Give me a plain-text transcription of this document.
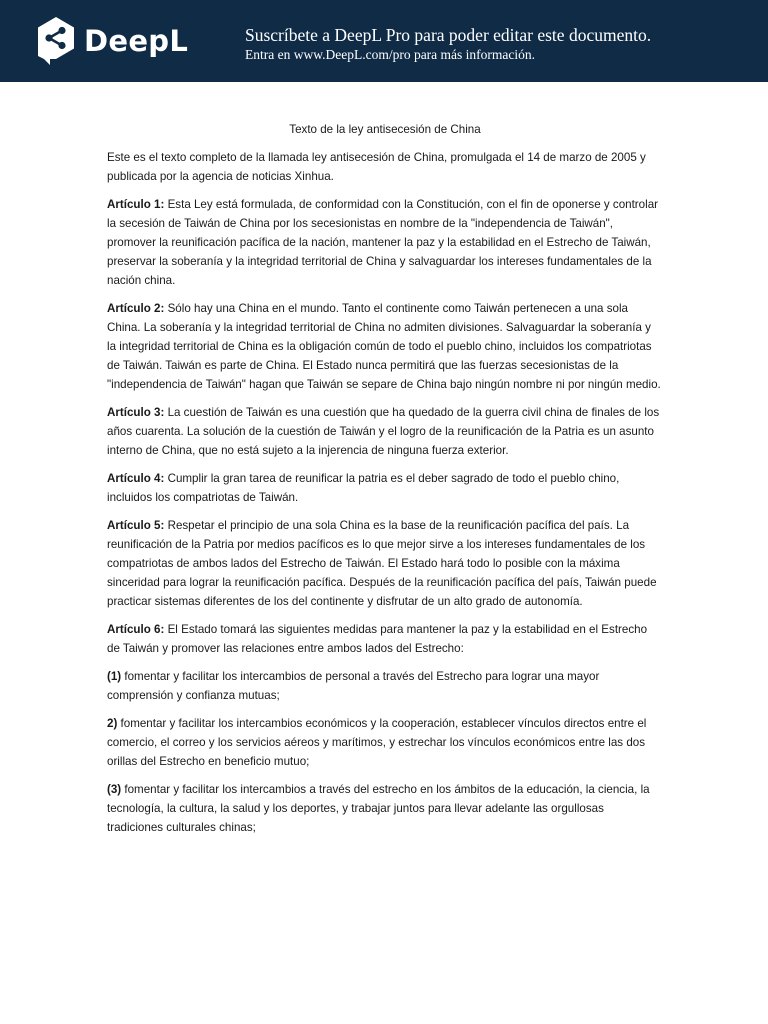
DeepL	Suscríbete a DeepL Pro para poder editar este documento.
Entra en www.DeepL.com/pro para más información.

Texto de la ley antisecesión de China

Este es el texto completo de la llamada ley antisecesión de China, promulgada el 14 de marzo de 2005 y publicada por la agencia de noticias Xinhua.

Artículo 1: Esta Ley está formulada, de conformidad con la Constitución, con el fin de oponerse y controlar la secesión de Taiwán de China por los secesionistas en nombre de la "independencia de Taiwán", promover la reunificación pacífica de la nación, mantener la paz y la estabilidad en el Estrecho de Taiwán, preservar la soberanía y la integridad territorial de China y salvaguardar los intereses fundamentales de la nación china.

Artículo 2: Sólo hay una China en el mundo. Tanto el continente como Taiwán pertenecen a una sola China. La soberanía y la integridad territorial de China no admiten divisiones. Salvaguardar la soberanía y la integridad territorial de China es la obligación común de todo el pueblo chino, incluidos los compatriotas de Taiwán. Taiwán es parte de China. El Estado nunca permitirá que las fuerzas secesionistas de la "independencia de Taiwán" hagan que Taiwán se separe de China bajo ningún nombre ni por ningún medio.

Artículo 3: La cuestión de Taiwán es una cuestión que ha quedado de la guerra civil china de finales de los años cuarenta. La solución de la cuestión de Taiwán y el logro de la reunificación de la Patria es un asunto interno de China, que no está sujeto a la injerencia de ninguna fuerza exterior.

Artículo 4: Cumplir la gran tarea de reunificar la patria es el deber sagrado de todo el pueblo chino, incluidos los compatriotas de Taiwán.

Artículo 5: Respetar el principio de una sola China es la base de la reunificación pacífica del país. La reunificación de la Patria por medios pacíficos es lo que mejor sirve a los intereses fundamentales de los compatriotas de ambos lados del Estrecho de Taiwán. El Estado hará todo lo posible con la máxima sinceridad para lograr la reunificación pacífica. Después de la reunificación pacífica del país, Taiwán puede practicar sistemas diferentes de los del continente y disfrutar de un alto grado de autonomía.

Artículo 6: El Estado tomará las siguientes medidas para mantener la paz y la estabilidad en el Estrecho de Taiwán y promover las relaciones entre ambos lados del Estrecho:

(1) fomentar y facilitar los intercambios de personal a través del Estrecho para lograr una mayor comprensión y confianza mutuas;

2) fomentar y facilitar los intercambios económicos y la cooperación, establecer vínculos directos entre el comercio, el correo y los servicios aéreos y marítimos, y estrechar los vínculos económicos entre las dos orillas del Estrecho en beneficio mutuo;

(3) fomentar y facilitar los intercambios a través del estrecho en los ámbitos de la educación, la ciencia, la tecnología, la cultura, la salud y los deportes, y trabajar juntos para llevar adelante las orgullosas tradiciones culturales chinas;
